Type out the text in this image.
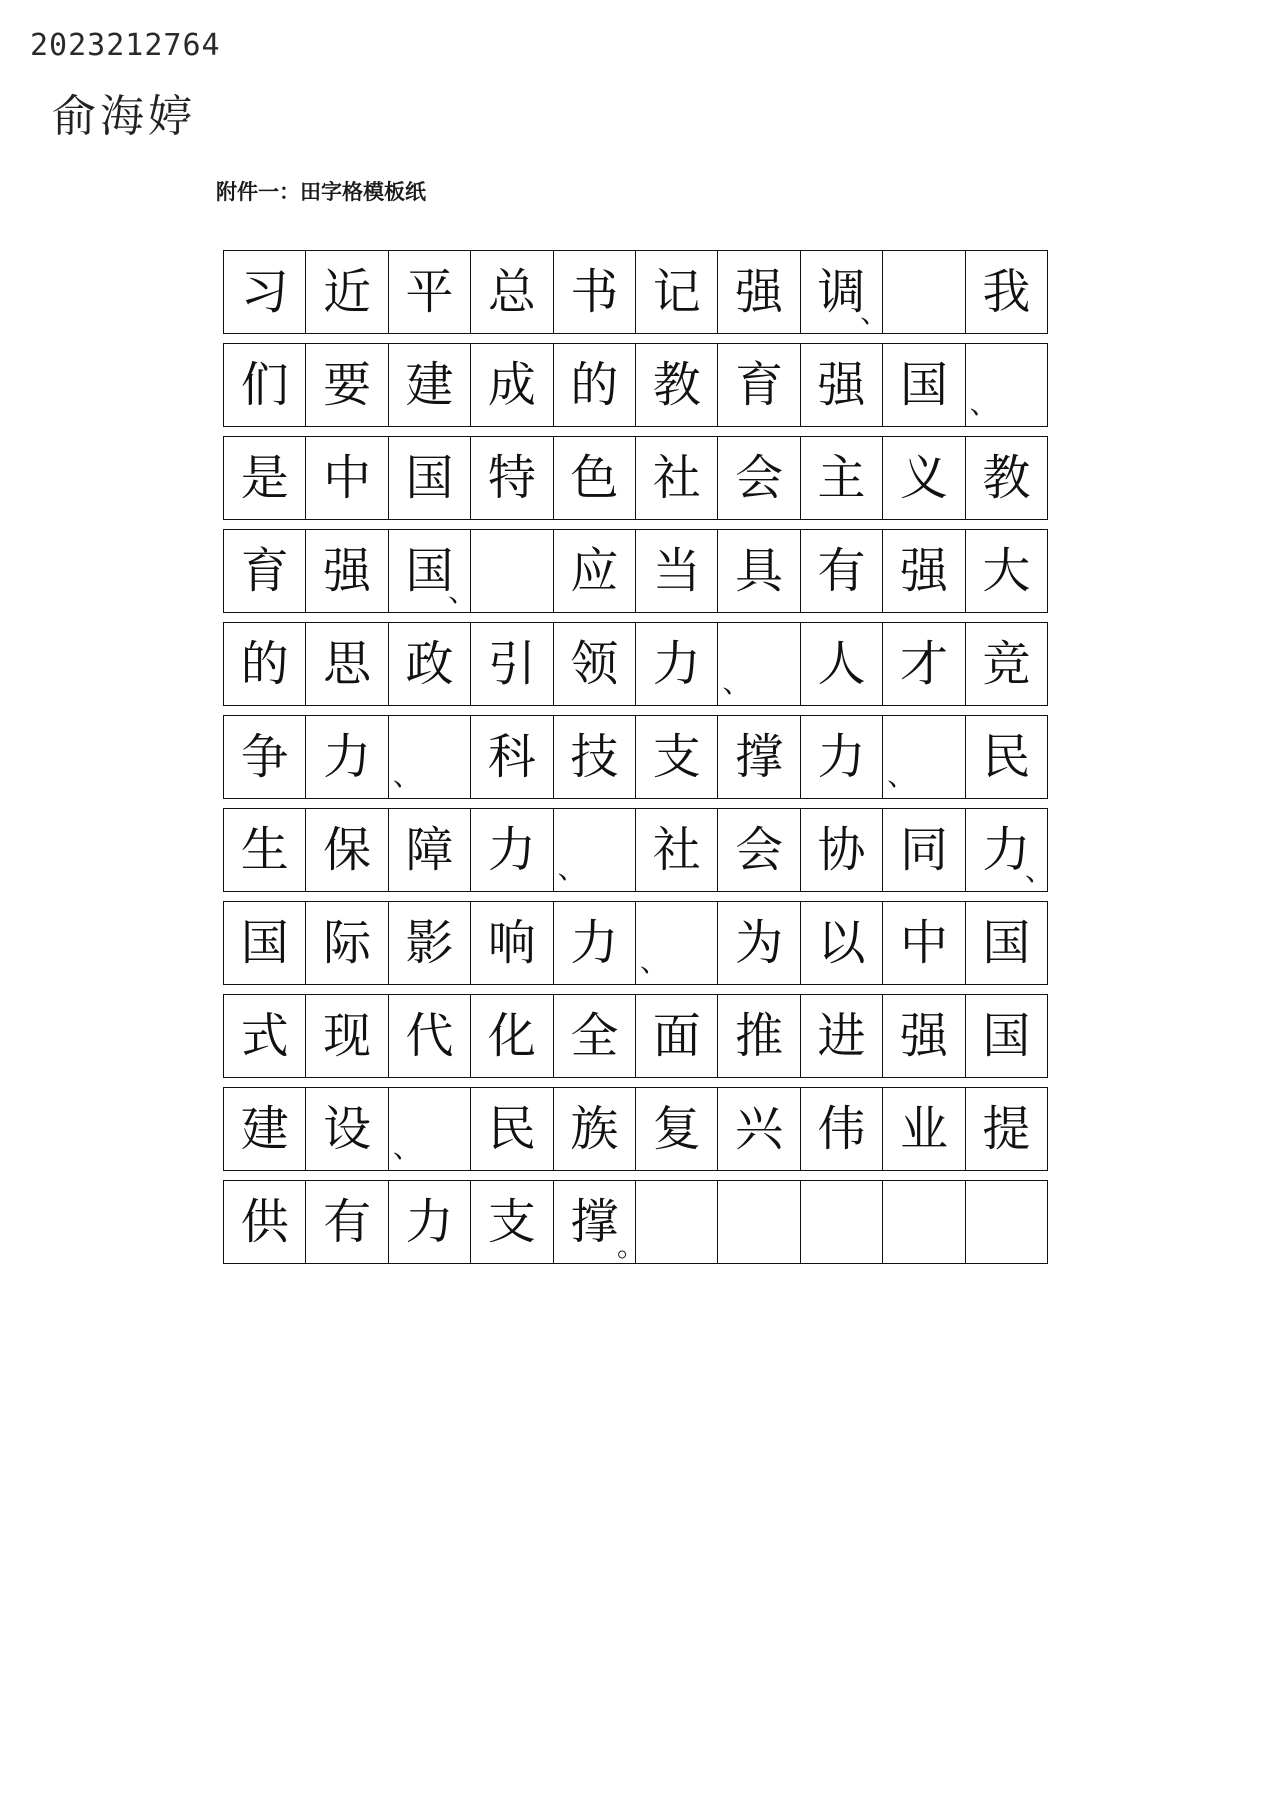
2023212764
俞海婷
附件一：田字格模板纸
习 近 平 总 书 记 强 调
、 我
们 要 建 成 的 教 育 强 国 、
是 中 国 特 色 社 会 主 义 教
育 强 国
、 应 当 具 有 强 大
的 思 政 引 领 力 、 人 才 竞
争 力 、 科 技 支 撑 力 、 民
生 保 障 力 、 社 会 协 同 力
、
国 际 影 响 力 、 为 以 中 国
式 现 代 化 全 面 推 进 强 国
建 设 、 民 族 复 兴 伟 业 提
供 有 力 支 撑
。
